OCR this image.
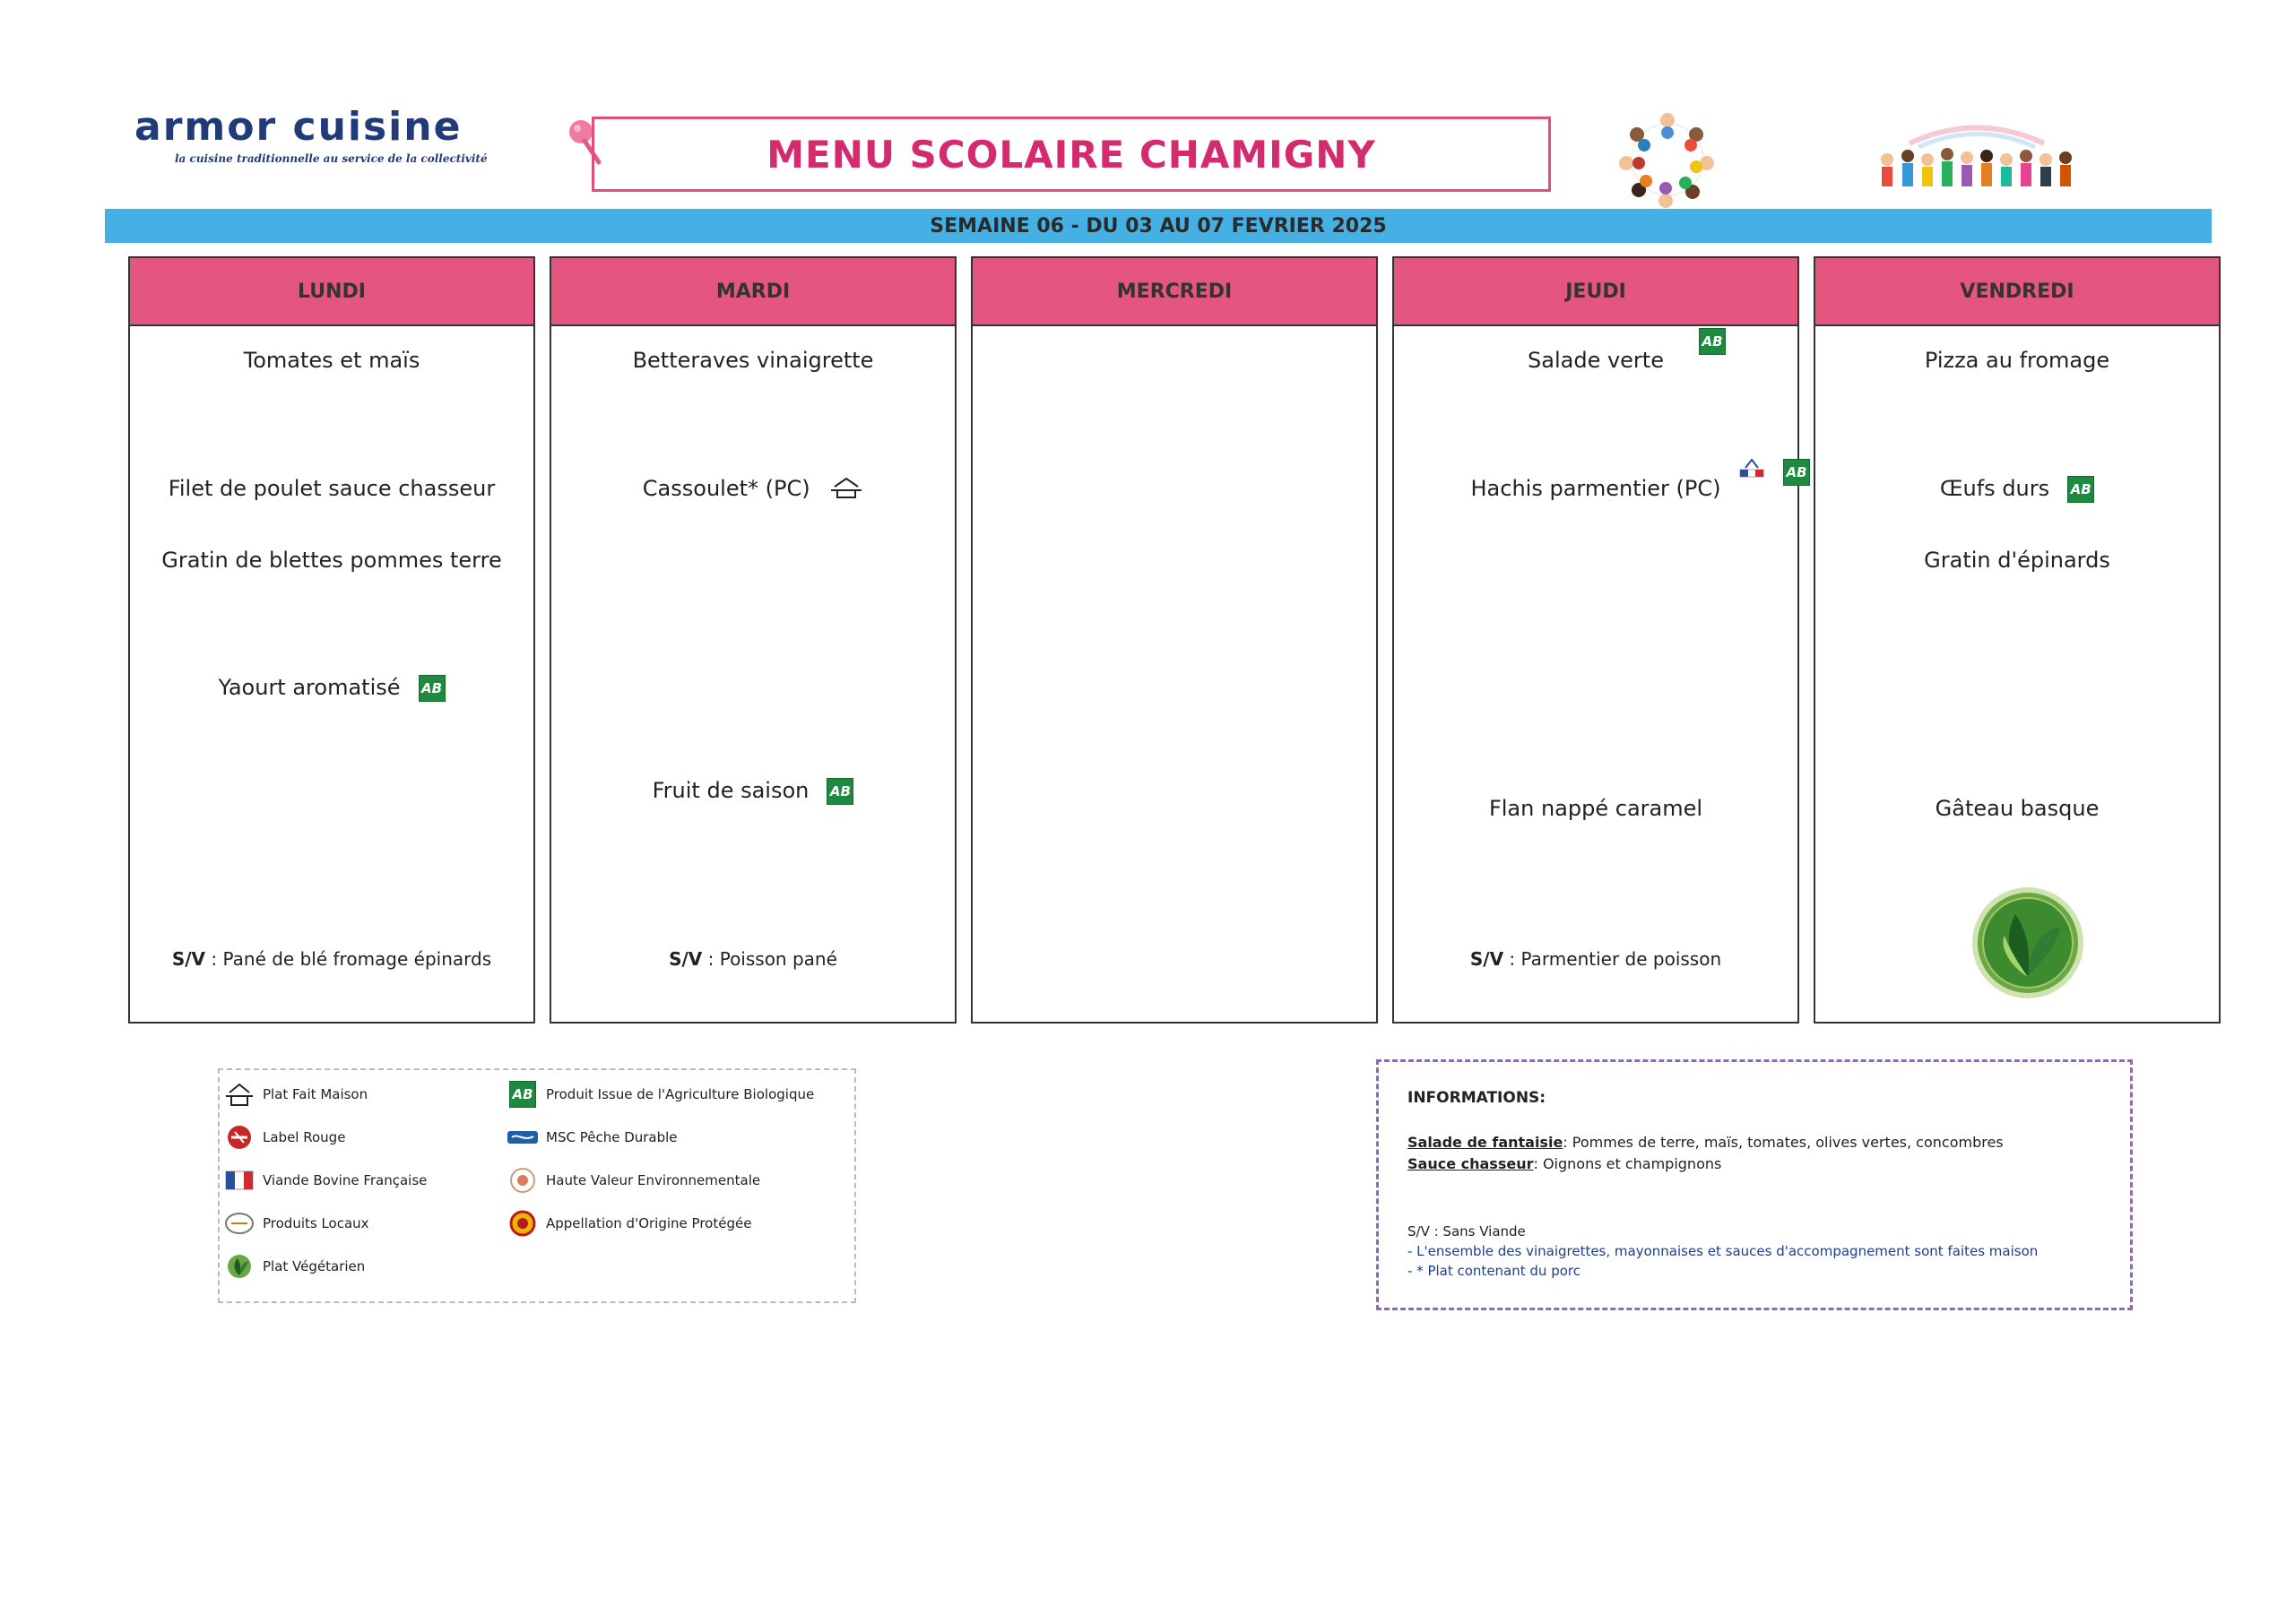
armor cuisine
la cuisine traditionnelle au service de la collectivité	MENU SCOLAIRE CHAMIGNY
SEMAINE 06 - DU 03 AU 07 FEVRIER 2025
LUNDI
Tomates et maïs
Filet de poulet sauce chasseur
Gratin de blettes pommes terre
Yaourt aromatisé AB
S/V : Pané de blé fromage épinards
MARDI
Betteraves vinaigrette
Cassoulet* (PC)
Fruit de saison AB
S/V : Poisson pané
MERCREDI	JEUDI
Salade verte
AB
Hachis parmentier (PC)
AB
Flan nappé caramel
S/V : Parmentier de poisson
VENDREDI
Pizza au fromage
Œufs durs AB
Gratin d'épinards
Gâteau basque
Plat Fait Maison
Label Rouge
Viande Bovine Française
Produits Locaux
Plat Végétarien
AB Produit Issue de l'Agriculture Biologique
MSC Pêche Durable
Haute Valeur Environnementale
Appellation d'Origine Protégée
INFORMATIONS:
Salade de fantaisie: Pommes de terre, maïs, tomates, olives vertes, concombres
Sauce chasseur: Oignons et champignons
S/V : Sans Viande
- L'ensemble des vinaigrettes, mayonnaises et sauces d'accompagnement sont faites maison
- * Plat contenant du porc
